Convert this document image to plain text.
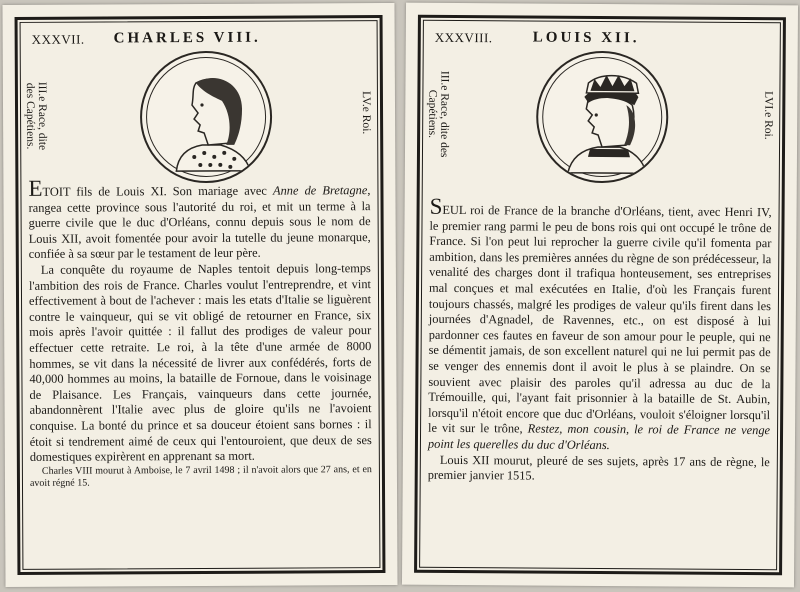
XXXVII. CHARLES VIII.
III.e Race, dite
des Capétiens.	LV.e Roi.

ETOIT fils de Louis XI. Son mariage avec Anne de Bretagne, rangea cette province sous l'autorité du roi, et mit un terme à la guerre civile que le duc d'Orléans, connu depuis sous le nom de Louis XII, avoit fomentée pour avoir la tutelle du jeune monarque, confiée à sa sœur par le testament de leur père.

La conquête du royaume de Naples tentoit depuis long-temps l'ambition des rois de France. Charles voulut l'entreprendre, et vint effectivement à bout de l'achever : mais les etats d'Italie se liguèrent contre le vainqueur, qui se vit obligé de retourner en France, six mois après l'avoir quittée : il fallut des prodiges de valeur pour effectuer cette retraite. Le roi, à la tête d'une armée de 8000 hommes, se vit dans la nécessité de livrer aux confédérés, forts de 40,000 hommes au moins, la bataille de Fornoue, dans le voisinage de Plaisance. Les Français, vainqueurs dans cette journée, abandonnèrent l'Italie avec plus de gloire qu'ils ne l'avoient conquise. La bonté du prince et sa douceur étoient sans bornes : il étoit si tendrement aimé de ceux qui l'entouroient, que deux de ses domestiques expirèrent en apprenant sa mort.

Charles VIII mourut à Amboise, le 7 avril 1498 ; il n'avoit alors que 27 ans, et en avoit régné 15.

XXXVIII.	LOUIS XII.
III.e Race, dite des
Capétiens.	LVI.e Roi.

SEUL roi de France de la branche d'Orléans, tient, avec Henri IV, le premier rang parmi le peu de bons rois qui ont occupé le trône de France. Si l'on peut lui reprocher la guerre civile qu'il fomenta par ambition, dans les premières années du règne de son prédécesseur, la venalité des charges dont il trafiqua honteusement, ses entreprises mal conçues et mal exécutées en Italie, d'où les Français furent toujours chassés, malgré les prodiges de valeur qu'ils firent dans les journées d'Agnadel, de Ravennes, etc., on est disposé à lui pardonner ces fautes en faveur de son amour pour le peuple, qui ne se démentit jamais, de son excellent naturel qui ne lui permit pas de se venger des ennemis dont il avoit le plus à se plaindre. On se souvient avec plaisir des paroles qu'il adressa au duc de la Trémouille, qui, l'ayant fait prisonnier à la bataille de St. Aubin, lorsqu'il n'étoit encore que duc d'Orléans, vouloit s'éloigner lorsqu'il le vit sur le trône, Restez, mon cousin, le roi de France ne venge point les querelles du duc d'Orléans.

Louis XII mourut, pleuré de ses sujets, après 17 ans de règne, le premier janvier 1515.
